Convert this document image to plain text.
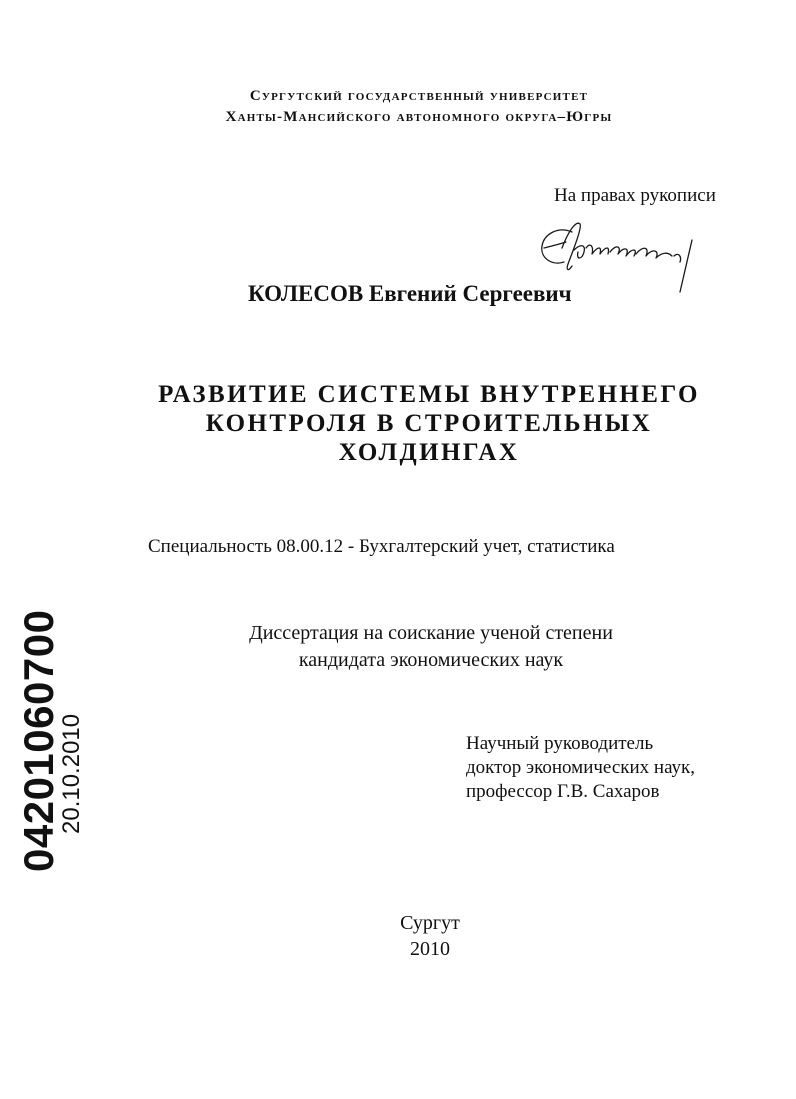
Сургутский государственный университет
Ханты-Мансийского автономного округа–Югры
На правах рукописи
КОЛЕСОВ Евгений Сергеевич
РАЗВИТИЕ СИСТЕМЫ ВНУТРЕННЕГО
КОНТРОЛЯ В СТРОИТЕЛЬНЫХ
ХОЛДИНГАХ
Специальность 08.00.12 - Бухгалтерский учет, статистика
Диссертация на соискание ученой степени
кандидата экономических наук
04201060700
20.10.2010	Научный руководитель
доктор экономических наук,
профессор Г.В. Сахаров
Сургут
2010
